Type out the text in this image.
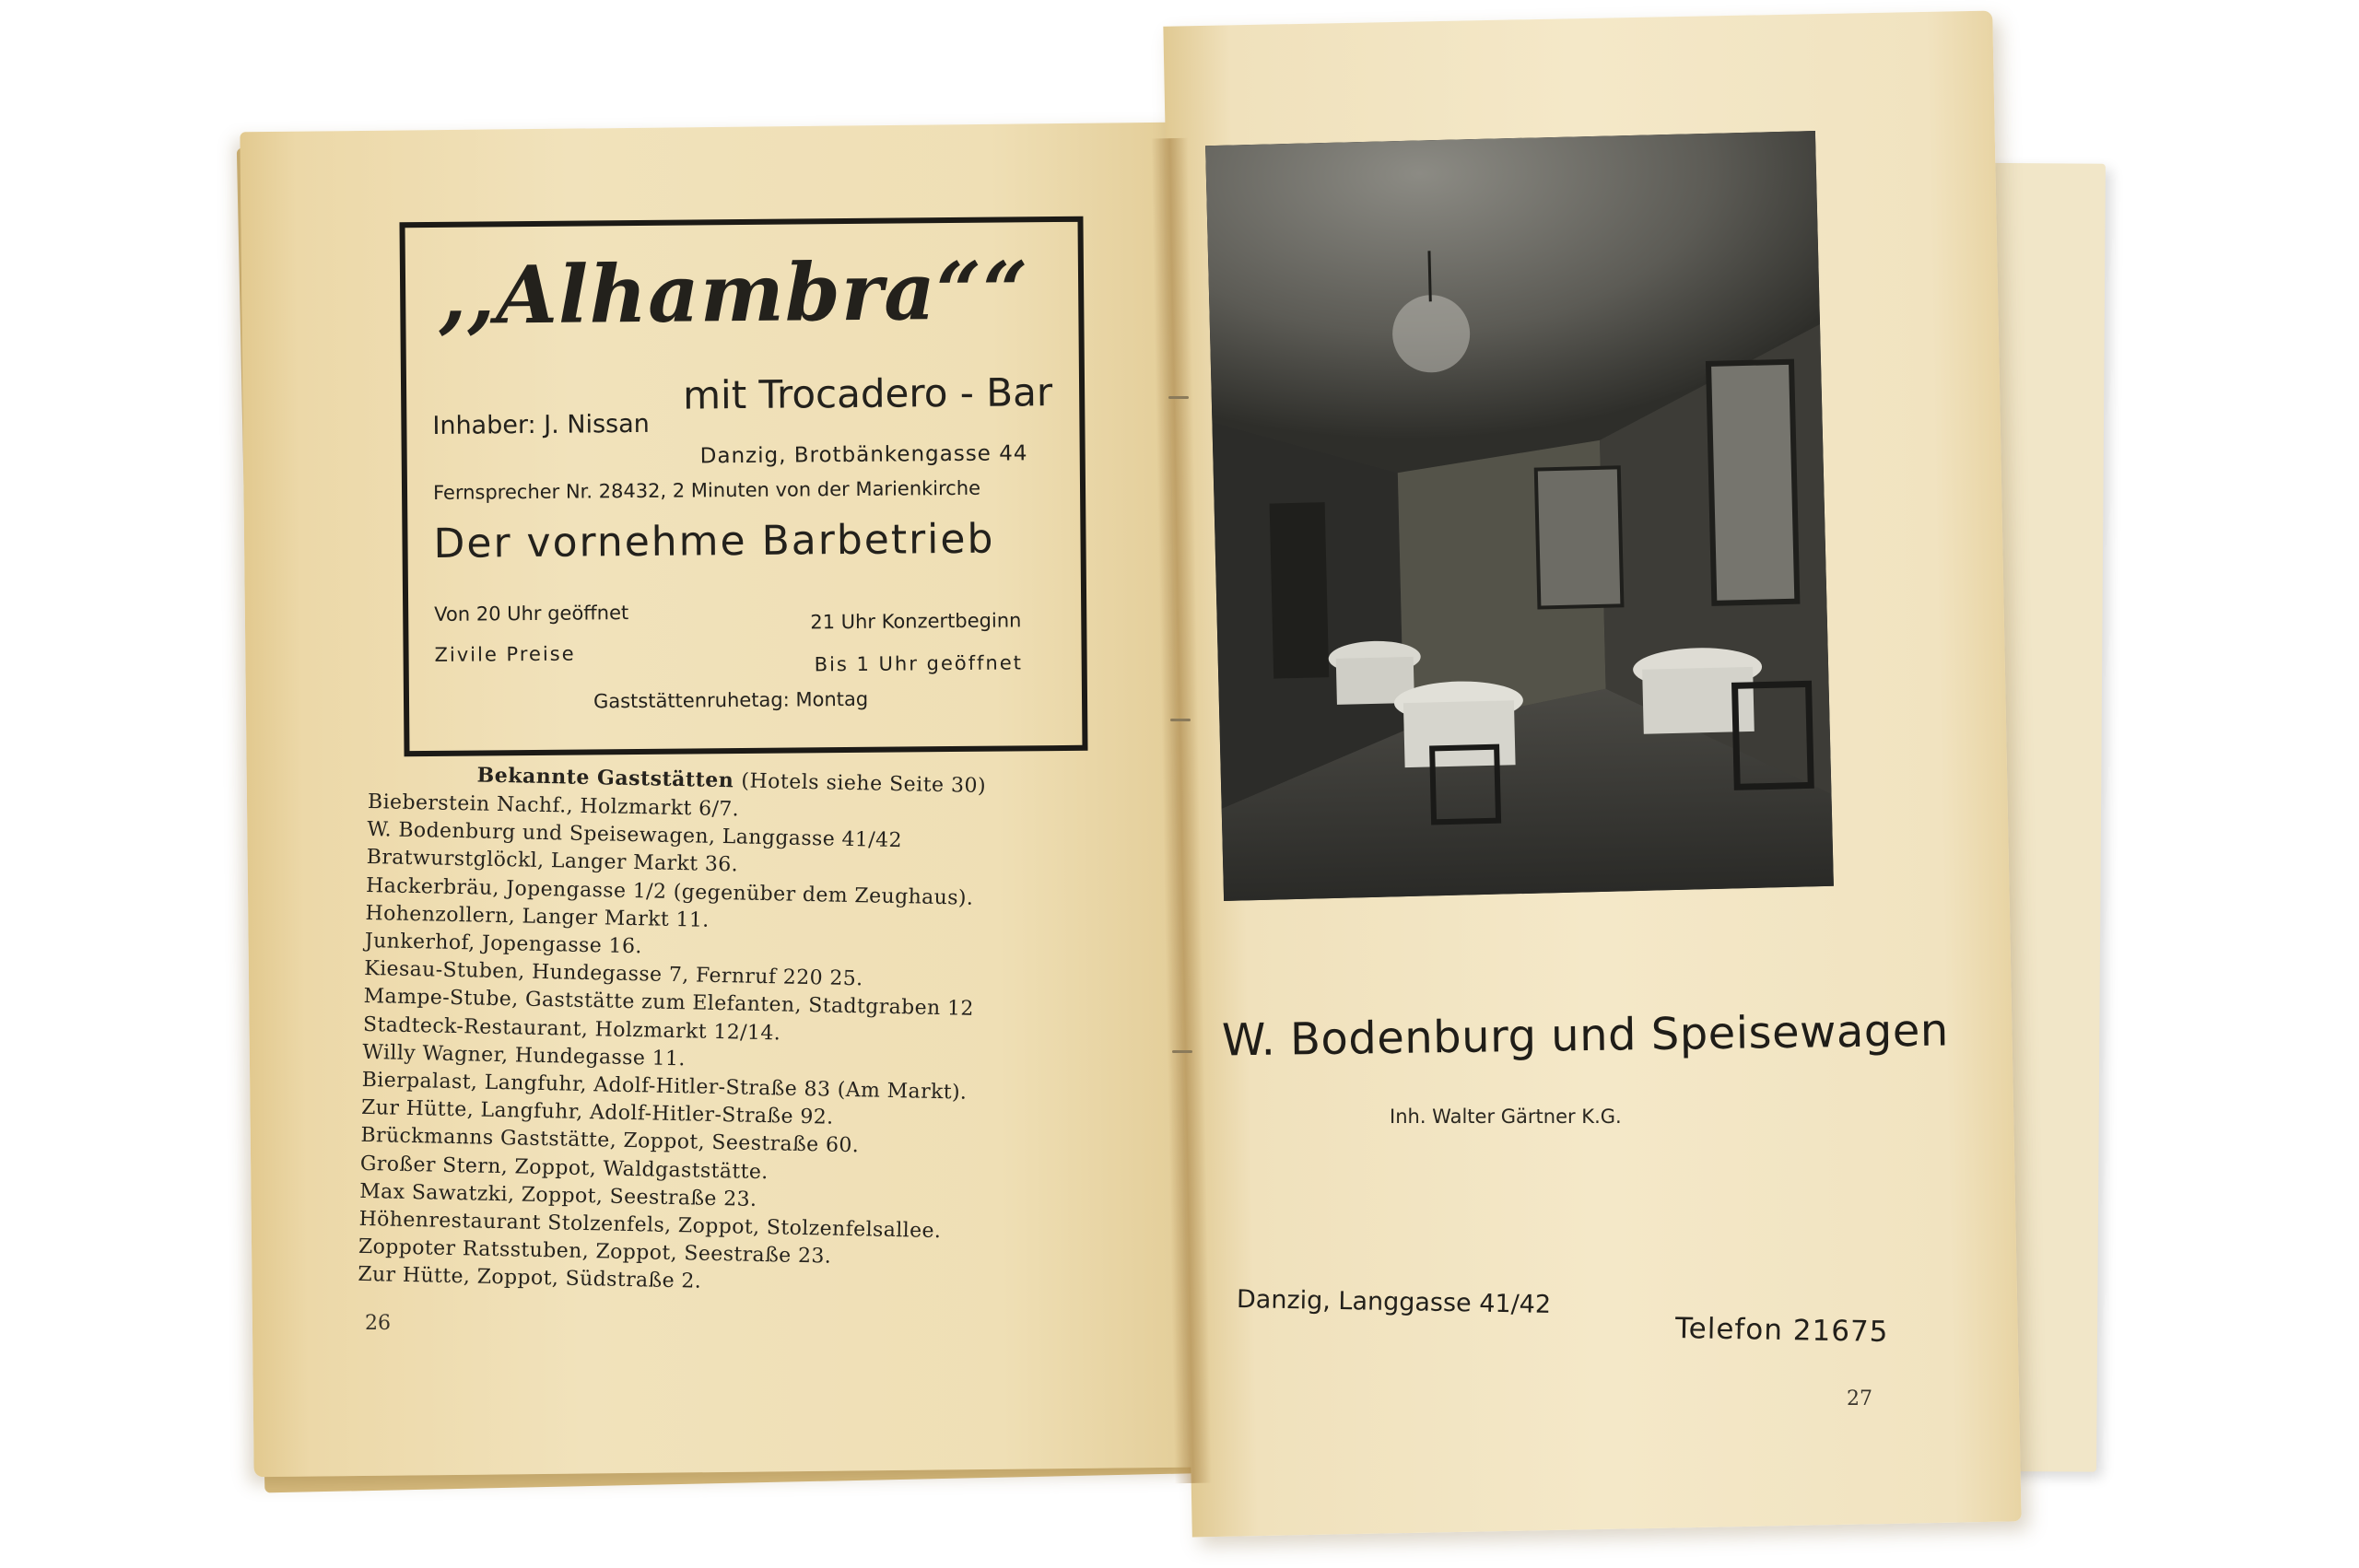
,,Alhambra““
mit Trocadero - Bar
Inhaber: J. Nissan
Danzig, Brotbänkengasse 44
Fernsprecher Nr. 28432, 2 Minuten von der Marienkirche
Der vornehme Barbetrieb
Von 20 Uhr geöffnet	21 Uhr Konzertbeginn
Zivile Preise	Bis 1 Uhr geöffnet
Gaststättenruhetag: Montag
Bekannte Gaststätten (Hotels siehe Seite 30)
Bieberstein Nachf., Holzmarkt 6/7.
W. Bodenburg und Speisewagen, Langgasse 41/42
Bratwurstglöckl, Langer Markt 36.
Hackerbräu, Jopengasse 1/2 (gegenüber dem Zeughaus).
Hohenzollern, Langer Markt 11.
Junkerhof, Jopengasse 16.
Kiesau-Stuben, Hundegasse 7, Fernruf 220 25.
Mampe-Stube, Gaststätte zum Elefanten, Stadtgraben 12
Stadteck-Restaurant, Holzmarkt 12/14.
Willy Wagner, Hundegasse 11.
Bierpalast, Langfuhr, Adolf-Hitler-Straße 83 (Am Markt).
Zur Hütte, Langfuhr, Adolf-Hitler-Straße 92.
Brückmanns Gaststätte, Zoppot, Seestraße 60.
Großer Stern, Zoppot, Waldgaststätte.
Max Sawatzki, Zoppot, Seestraße 23.
Höhenrestaurant Stolzenfels, Zoppot, Stolzenfelsallee.
Zoppoter Ratsstuben, Zoppot, Seestraße 23.
Zur Hütte, Zoppot, Südstraße 2.
26
W. Bodenburg und Speisewagen
Inh. Walter Gärtner K.G.
Danzig, Langgasse 41/42
Telefon 21675
27
